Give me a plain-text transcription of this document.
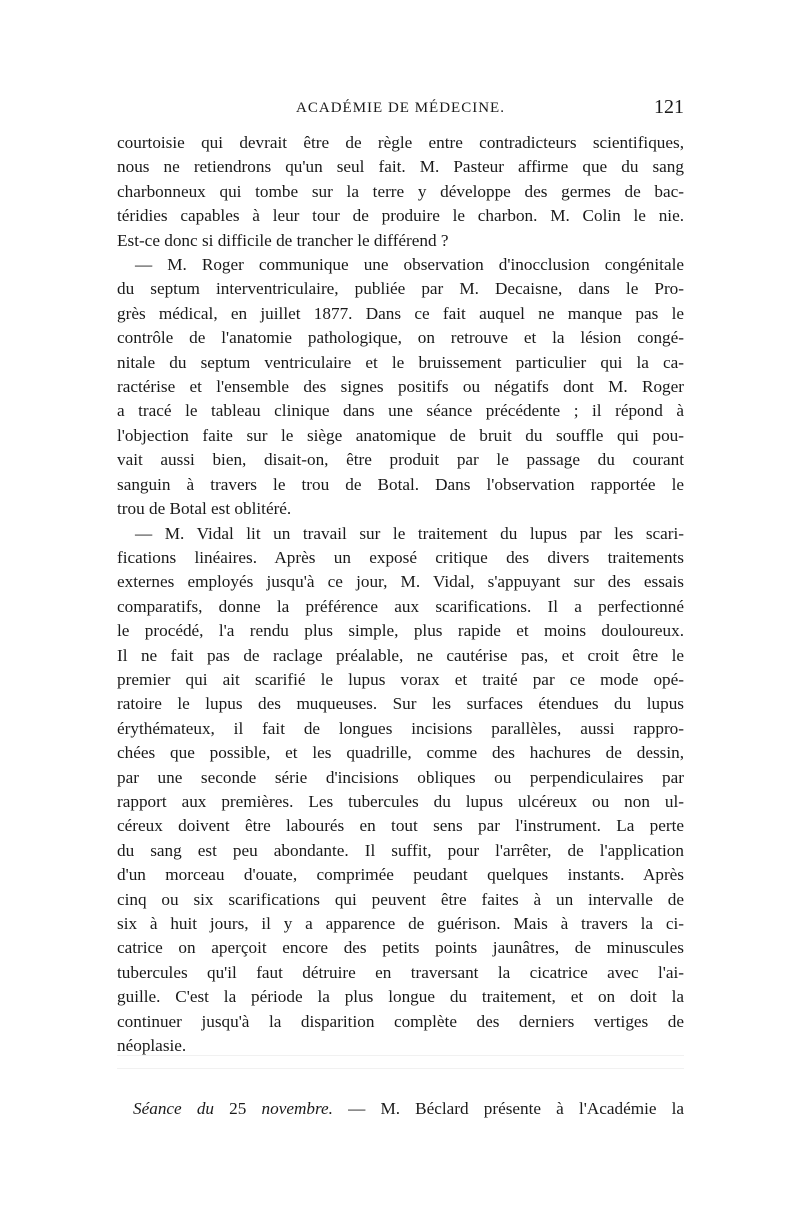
ACADÉMIE DE MÉDECINE.	121
courtoisie qui devrait être de règle entre contradicteurs scientifiques,
nous ne retiendrons qu'un seul fait. M. Pasteur affirme que du sang
charbonneux qui tombe sur la terre y développe des germes de bac-
téridies capables à leur tour de produire le charbon. M. Colin le nie.
Est-ce donc si difficile de trancher le différend ?
— M. Roger communique une observation d'inocclusion congénitale
du septum interventriculaire, publiée par M. Decaisne, dans le Pro-
grès médical, en juillet 1877. Dans ce fait auquel ne manque pas le
contrôle de l'anatomie pathologique, on retrouve et la lésion congé-
nitale du septum ventriculaire et le bruissement particulier qui la ca-
ractérise et l'ensemble des signes positifs ou négatifs dont M. Roger
a tracé le tableau clinique dans une séance précédente ; il répond à
l'objection faite sur le siège anatomique de bruit du souffle qui pou-
vait aussi bien, disait-on, être produit par le passage du courant
sanguin à travers le trou de Botal. Dans l'observation rapportée le
trou de Botal est oblitéré.
— M. Vidal lit un travail sur le traitement du lupus par les scari-
fications linéaires. Après un exposé critique des divers traitements
externes employés jusqu'à ce jour, M. Vidal, s'appuyant sur des essais
comparatifs, donne la préférence aux scarifications. Il a perfectionné
le procédé, l'a rendu plus simple, plus rapide et moins douloureux.
Il ne fait pas de raclage préalable, ne cautérise pas, et croit être le
premier qui ait scarifié le lupus vorax et traité par ce mode opé-
ratoire le lupus des muqueuses. Sur les surfaces étendues du lupus
érythémateux, il fait de longues incisions parallèles, aussi rappro-
chées que possible, et les quadrille, comme des hachures de dessin,
par une seconde série d'incisions obliques ou perpendiculaires par
rapport aux premières. Les tubercules du lupus ulcéreux ou non ul-
céreux doivent être labourés en tout sens par l'instrument. La perte
du sang est peu abondante. Il suffit, pour l'arrêter, de l'application
d'un morceau d'ouate, comprimée peudant quelques instants. Après
cinq ou six scarifications qui peuvent être faites à un intervalle de
six à huit jours, il y a apparence de guérison. Mais à travers la ci-
catrice on aperçoit encore des petits points jaunâtres, de minuscules
tubercules qu'il faut détruire en traversant la cicatrice avec l'ai-
guille. C'est la période la plus longue du traitement, et on doit la
continuer jusqu'à la disparition complète des derniers vertiges de
néoplasie.
Séance du 25 novembre. — M. Béclard présente à l'Académie la
